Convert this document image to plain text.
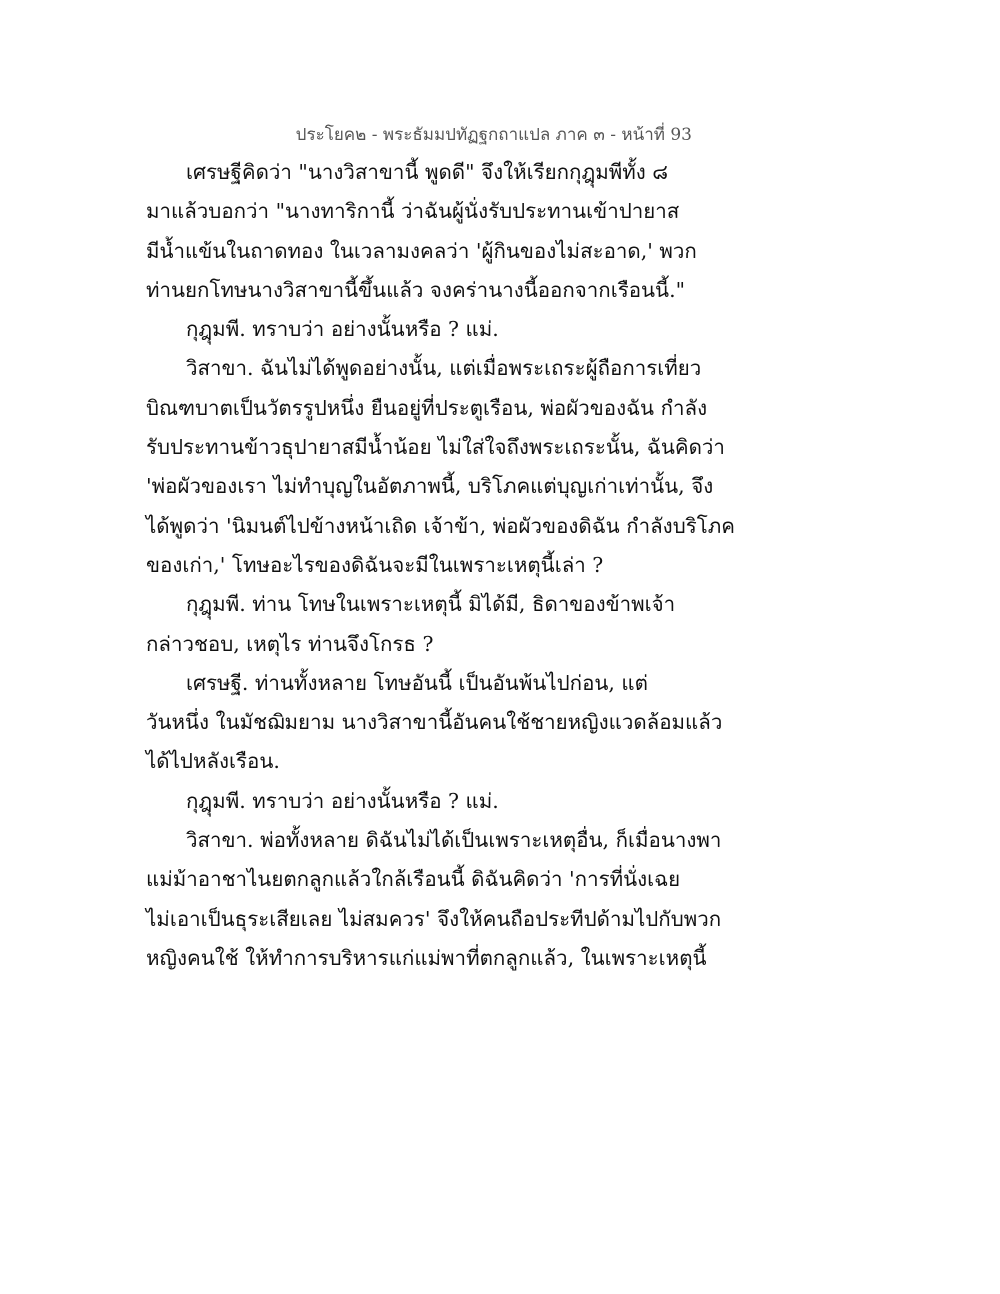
ประโยค๒ - พระธัมมปทัฏฐกถาแปล ภาค ๓ - หน้าที่ 93
เศรษฐีคิดว่า "นางวิสาขานี้ พูดดี" จึงให้เรียกกุฎุมพีทั้ง ๘
มาแล้วบอกว่า "นางทาริกานี้ ว่าฉันผู้นั่งรับประทานเข้าปายาส
มีน้ำแข้นในถาดทอง ในเวลามงคลว่า 'ผู้กินของไม่สะอาด,' พวก
ท่านยกโทษนางวิสาขานี้ขึ้นแล้ว จงคร่านางนี้ออกจากเรือนนี้."
กุฎุมพี. ทราบว่า อย่างนั้นหรือ ? แม่.
วิสาขา. ฉันไม่ได้พูดอย่างนั้น, แต่เมื่อพระเถระผู้ถือการเที่ยว
บิณฑบาตเป็นวัตรรูปหนึ่ง ยืนอยู่ที่ประตูเรือน, พ่อผัวของฉัน กำลัง
รับประทานข้าวธุปายาสมีน้ำน้อย ไม่ใส่ใจถึงพระเถระนั้น, ฉันคิดว่า
'พ่อผัวของเรา ไม่ทำบุญในอัตภาพนี้, บริโภคแต่บุญเก่าเท่านั้น, จึง
ได้พูดว่า 'นิมนต์ไปข้างหน้าเถิด เจ้าข้า, พ่อผัวของดิฉัน กำลังบริโภค
ของเก่า,' โทษอะไรของดิฉันจะมีในเพราะเหตุนี้เล่า ?
กุฎุมพี. ท่าน โทษในเพราะเหตุนี้ มิได้มี, ธิดาของข้าพเจ้า
กล่าวชอบ, เหตุไร ท่านจึงโกรธ ?
เศรษฐี. ท่านทั้งหลาย โทษอันนี้ เป็นอันพ้นไปก่อน, แต่
วันหนึ่ง ในมัชฌิมยาม นางวิสาขานี้อันคนใช้ชายหญิงแวดล้อมแล้ว
ได้ไปหลังเรือน.
กุฎุมพี. ทราบว่า อย่างนั้นหรือ ? แม่.
วิสาขา. พ่อทั้งหลาย ดิฉันไม่ได้เป็นเพราะเหตุอื่น, ก็เมื่อนางพา
แม่ม้าอาชาไนยตกลูกแล้วใกล้เรือนนี้ ดิฉันคิดว่า 'การที่นั่งเฉย
ไม่เอาเป็นธุระเสียเลย ไม่สมควร' จึงให้คนถือประทีปด้ามไปกับพวก
หญิงคนใช้ ให้ทำการบริหารแก่แม่พาที่ตกลูกแล้ว, ในเพราะเหตุนี้
